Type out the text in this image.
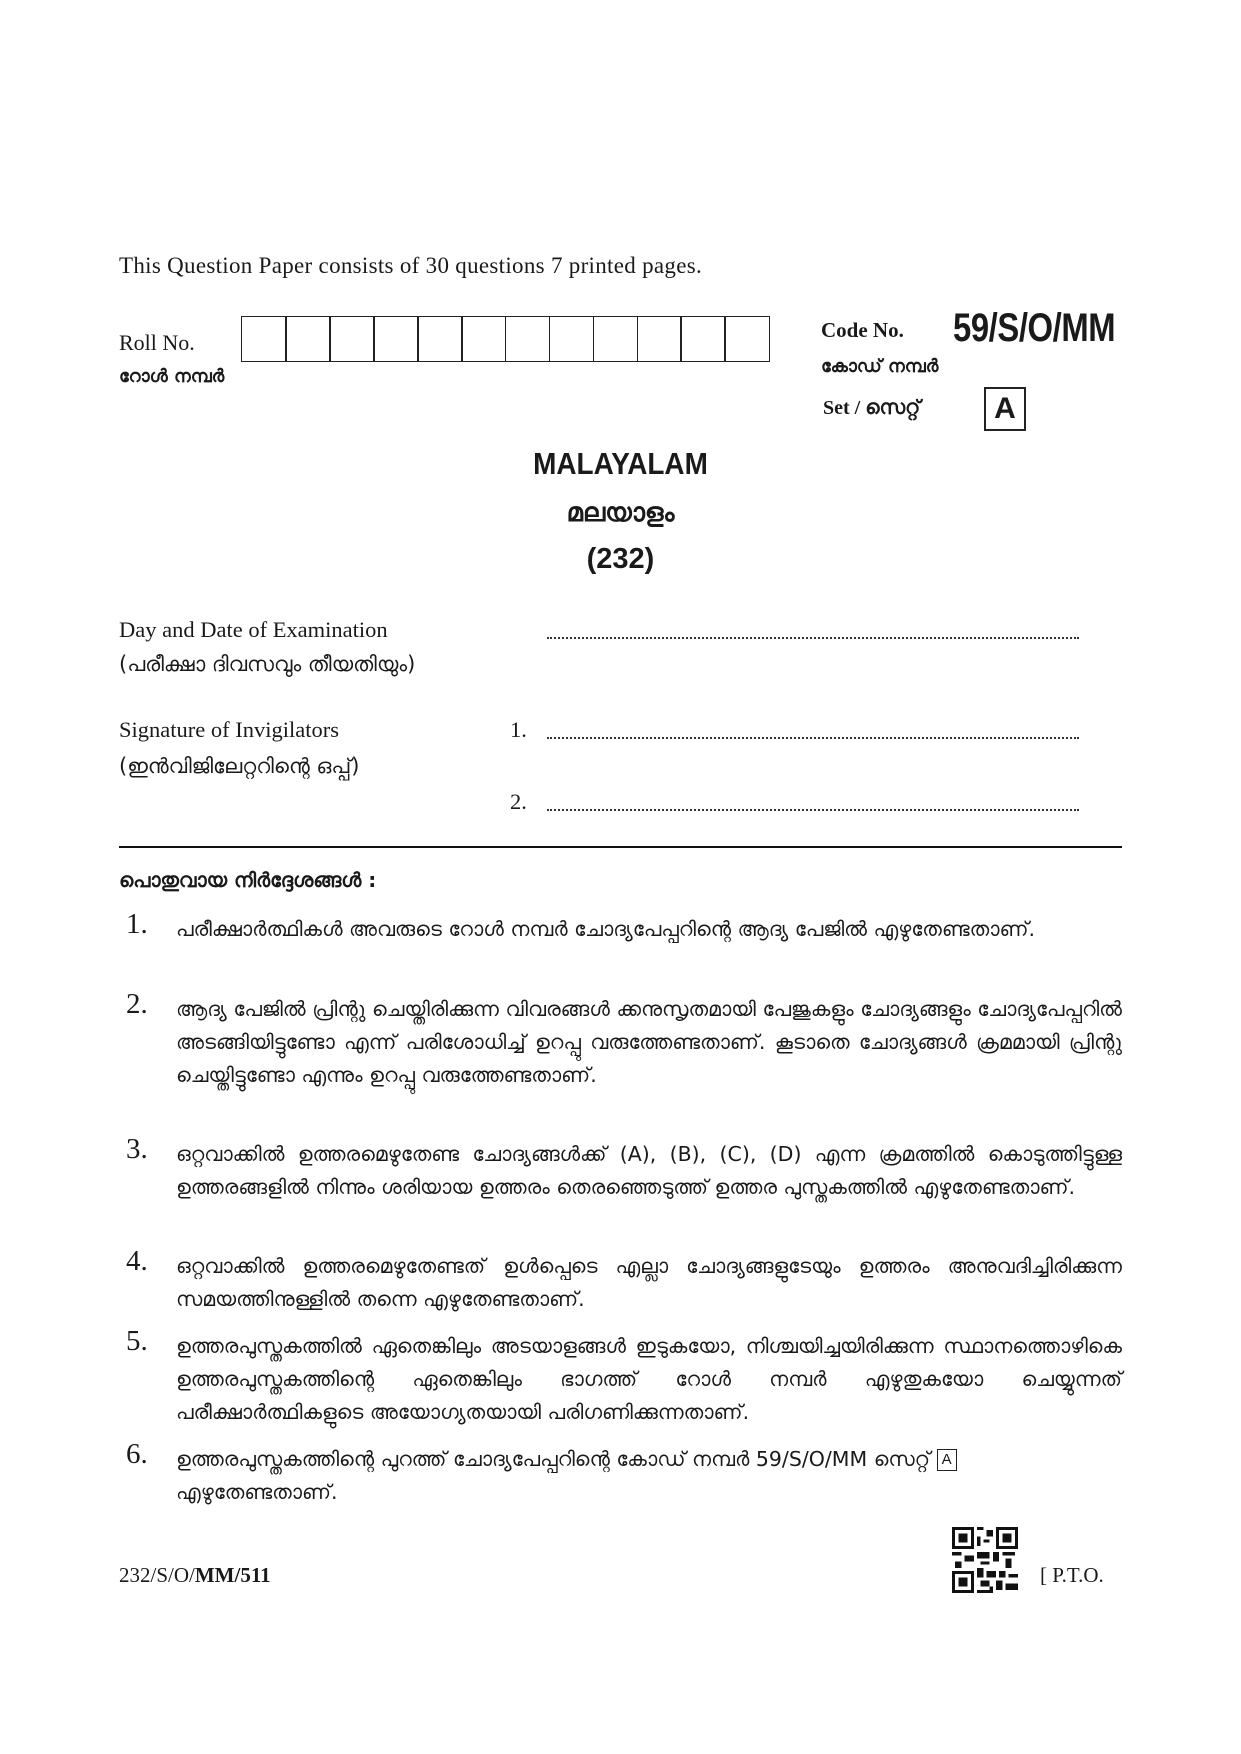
This Question Paper consists of 30 questions 7 printed pages.
Roll No.
റോൾ നമ്പർ
Code No. 59/S/O/MM
കോഡ് നമ്പർ
Set / സെറ്റ്	A
MALAYALAM
മലയാളം
(232)
Day and Date of Examination
(പരീക്ഷാ ദിവസവും തീയതിയും)
Signature of Invigilators
(ഇൻവിജിലേറ്ററിന്റെ ഒപ്പ്)
1.
2.
പൊതുവായ നിർദ്ദേശങ്ങൾ :
1. പരീക്ഷാർത്ഥികൾ അവരുടെ റോൾ നമ്പർ ചോദ്യപേപ്പറിന്റെ ആദ്യ പേജിൽ എഴുതേണ്ടതാണ്.
2. ആദ്യ പേജിൽ പ്രിന്റു ചെയ്തിരിക്കുന്ന വിവരങ്ങൾ ക്കനുസൃതമായി പേജുകളും ചോദ്യങ്ങളും ചോദ്യപേപ്പറിൽ അടങ്ങിയിട്ടുണ്ടോ എന്ന് പരിശോധിച്ച് ഉറപ്പു വരുത്തേണ്ടതാണ്. കൂടാതെ ചോദ്യങ്ങൾ ക്രമമായി പ്രിന്റു ചെയ്തിട്ടുണ്ടോ എന്നും ഉറപ്പു വരുത്തേണ്ടതാണ്.
3. ഒറ്റവാക്കിൽ ഉത്തരമെഴുതേണ്ട ചോദ്യങ്ങൾക്ക് (A), (B), (C), (D) എന്ന ക്രമത്തിൽ കൊടുത്തിട്ടുള്ള ഉത്തരങ്ങളിൽ നിന്നും ശരിയായ ഉത്തരം തെരഞ്ഞെടുത്ത് ഉത്തര പുസ്തകത്തിൽ എഴുതേണ്ടതാണ്.
4. ഒറ്റവാക്കിൽ ഉത്തരമെഴുതേണ്ടത് ഉൾപ്പെടെ എല്ലാ ചോദ്യങ്ങളുടേയും ഉത്തരം അനുവദിച്ചിരിക്കുന്ന സമയത്തിനുള്ളിൽ തന്നെ എഴുതേണ്ടതാണ്.
5. ഉത്തരപുസ്തകത്തിൽ ഏതെങ്കിലും അടയാളങ്ങൾ ഇടുകയോ, നിശ്ചയിച്ചയിരിക്കുന്ന സ്ഥാനത്തൊഴികെ ഉത്തരപുസ്തകത്തിന്റെ ഏതെങ്കിലും ഭാഗത്ത് റോൾ നമ്പർ എഴുതുകയോ ചെയ്യുന്നത് പരീക്ഷാർത്ഥികളുടെ അയോഗ്യതയായി പരിഗണിക്കുന്നതാണ്.
6. ഉത്തരപുസ്തകത്തിന്റെ പുറത്ത് ചോദ്യപേപ്പറിന്റെ കോഡ് നമ്പർ 59/S/O/MM സെറ്റ് A
എഴുതേണ്ടതാണ്.
232/S/O/MM/511	[ P.T.O.
